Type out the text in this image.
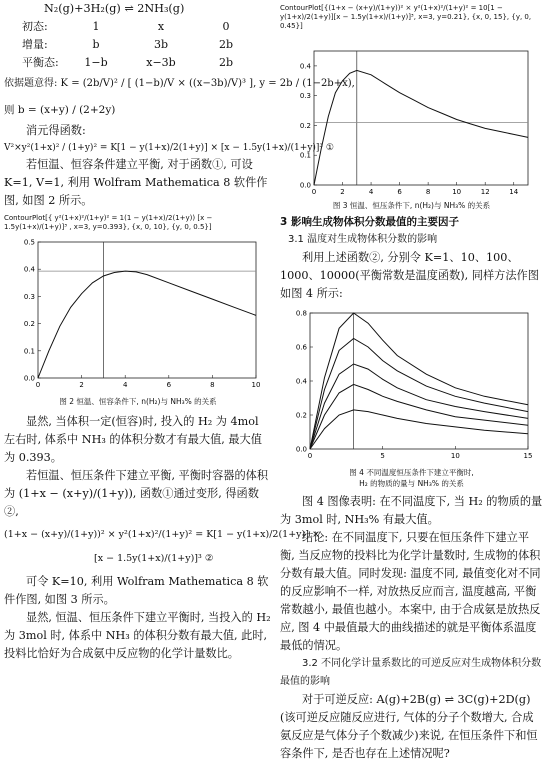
N₂(g)+3H₂(g) ⇌ 2NH₃(g)
初态:	1	x	0
增量:	b	3b	2b
平衡态:	1−b	x−3b	2b

依据题意得: K = (2b/V)² / [ (1−b)/V × ((x−3b)/V)³ ], y = 2b / (1−2b+x),

则 b = (x+y) / (2+2y)

消元得函数:

V²×y²(1+x)² / (1+y)² = K[1 − y(1+x)/2(1+y)] × [x − 1.5y(1+x)/(1+y)]³ ①

若恒温、恒容条件建立平衡, 对于函数①, 可设 K=1, V=1, 利用 Wolfram Mathematica 8 软件作图, 如图 2 所示。

ContourPlot[{ y²(1+x)²/(1+y)² = 1(1 − y(1+x)/2(1+y)) [x − 1.5y(1+x)/(1+y)]³ , x=3, y=0.393}, {x, 0, 10}, {y, 0, 0.5}]

0	2	4	6	8	10
0.0
0.1
0.2
0.3
0.4
0.5
图 2 恒温、恒容条件下, n(H₂)与 NH₃% 的关系

显然, 当体积一定(恒容)时, 投入的 H₂ 为 4mol 左右时, 体系中 NH₃ 的体积分数才有最大值, 最大值为 0.393。

若恒温、恒压条件下建立平衡, 平衡时容器的体积为 (1+x − (x+y)/(1+y)), 函数①通过变形, 得函数②,

(1+x − (x+y)/(1+y))² × y²(1+x)²/(1+y)² = K[1 − y(1+x)/2(1+y)] ×

[x − 1.5y(1+x)/(1+y)]³ ②

可令 K=10, 利用 Wolfram Mathematica 8 软件作图, 如图 3 所示。

显然, 恒温、恒压条件下建立平衡时, 当投入的 H₂ 为 3mol 时, 体系中 NH₃ 的体积分数有最大值, 此时, 投料比恰好为合成氨中反应物的化学计量数比。

ContourPlot[{(1+x − (x+y)/(1+y))² × y²(1+x)²/(1+y)² = 10[1 − y(1+x)/2(1+y)][x − 1.5y(1+x)/(1+y)]³, x=3, y=0.21}, {x, 0, 15}, {y, 0, 0.45}]

0	2	4	6	8	10	12	14
0.0
0.1
0.2
0.3
0.4
图 3 恒温、恒压条件下, n(H₂)与 NH₃% 的关系
3 影响生成物体积分数最值的主要因子
3.1 温度对生成物体积分数的影响

利用上述函数②, 分别令 K=1、10、100、1000、10000(平衡常数是温度函数), 同样方法作图如图 4 所示:

0	5	10	15
0.0
0.2
0.4
0.6
0.8
图 4 不同温度恒压条件下建立平衡时,
H₂ 的物质的量与 NH₃% 的关系

图 4 图像表明: 在不同温度下, 当 H₂ 的物质的量为 3mol 时, NH₃% 有最大值。

结论: 在不同温度下, 只要在恒压条件下建立平衡, 当反应物的投料比为化学计量数时, 生成物的体积分数有最大值。同时发现: 温度不同, 最值变化对不同的反应影响不一样, 对放热反应而言, 温度越高, 平衡常数越小, 最值也越小。本案中, 由于合成氨是放热反应, 图 4 中最值最大的曲线描述的就是平衡体系温度最低的情况。

3.2 不同化学计量系数比的可逆反应对生成物体积分数最值的影响

对于可逆反应: A(g)+2B(g) ⇌ 3C(g)+2D(g)(该可逆反应随反应进行, 气体的分子个数增大, 合成氨反应是气体分子个数减少)来说, 在恒压条件下和恒容条件下, 是否也存在上述情况呢?
